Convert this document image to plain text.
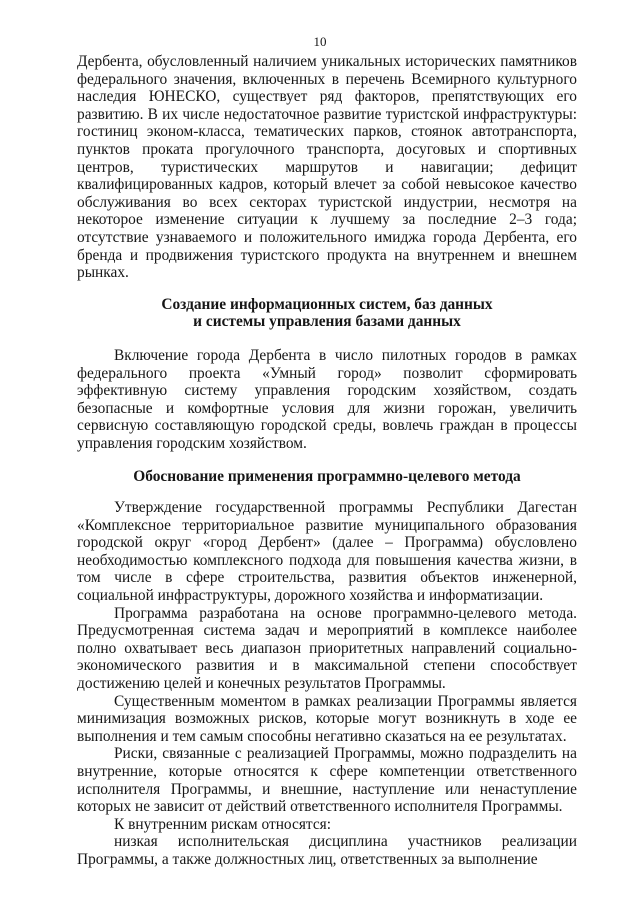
10

Дербента, обусловленный наличием уникальных исторических памятников федерального значения, включенных в перечень Всемирного культурного наследия ЮНЕСКО, существует ряд факторов, препятствующих его развитию. В их числе недостаточное развитие туристской инфраструктуры: гостиниц эконом-класса, тематических парков, стоянок автотранспорта, пунктов проката прогулочного транспорта, досуговых и спортивных центров, туристических маршрутов и навигации; дефицит квалифицированных кадров, который влечет за собой невысокое качество обслуживания во всех секторах туристской индустрии, несмотря на некоторое изменение ситуации к лучшему за последние 2–3 года; отсутствие узнаваемого и положительного имиджа города Дербента, его бренда и продвижения туристского продукта на внутреннем и внешнем рынках.

Создание информационных систем, баз данных
и системы управления базами данных

Включение города Дербента в число пилотных городов в рамках федерального проекта «Умный город» позволит сформировать эффективную систему управления городским хозяйством, создать безопасные и комфортные условия для жизни горожан, увеличить сервисную составляющую городской среды, вовлечь граждан в процессы управления городским хозяйством.

Обоснование применения программно-целевого метода

Утверждение государственной программы Республики Дагестан «Комплексное территориальное развитие муниципального образования городской округ «город Дербент» (далее – Программа) обусловлено необходимостью комплексного подхода для повышения качества жизни, в том числе в сфере строительства, развития объектов инженерной, социальной инфраструктуры, дорожного хозяйства и информатизации.

Программа разработана на основе программно-целевого метода. Предусмотренная система задач и мероприятий в комплексе наиболее полно охватывает весь диапазон приоритетных направлений социально-экономического развития и в максимальной степени способствует достижению целей и конечных результатов Программы.

Существенным моментом в рамках реализации Программы является минимизация возможных рисков, которые могут возникнуть в ходе ее выполнения и тем самым способны негативно сказаться на ее результатах.

Риски, связанные с реализацией Программы, можно подразделить на внутренние, которые относятся к сфере компетенции ответственного исполнителя Программы, и внешние, наступление или ненаступление которых не зависит от действий ответственного исполнителя Программы.

К внутренним рискам относятся:

низкая исполнительская дисциплина участников реализации Программы, а также должностных лиц, ответственных за выполнение
